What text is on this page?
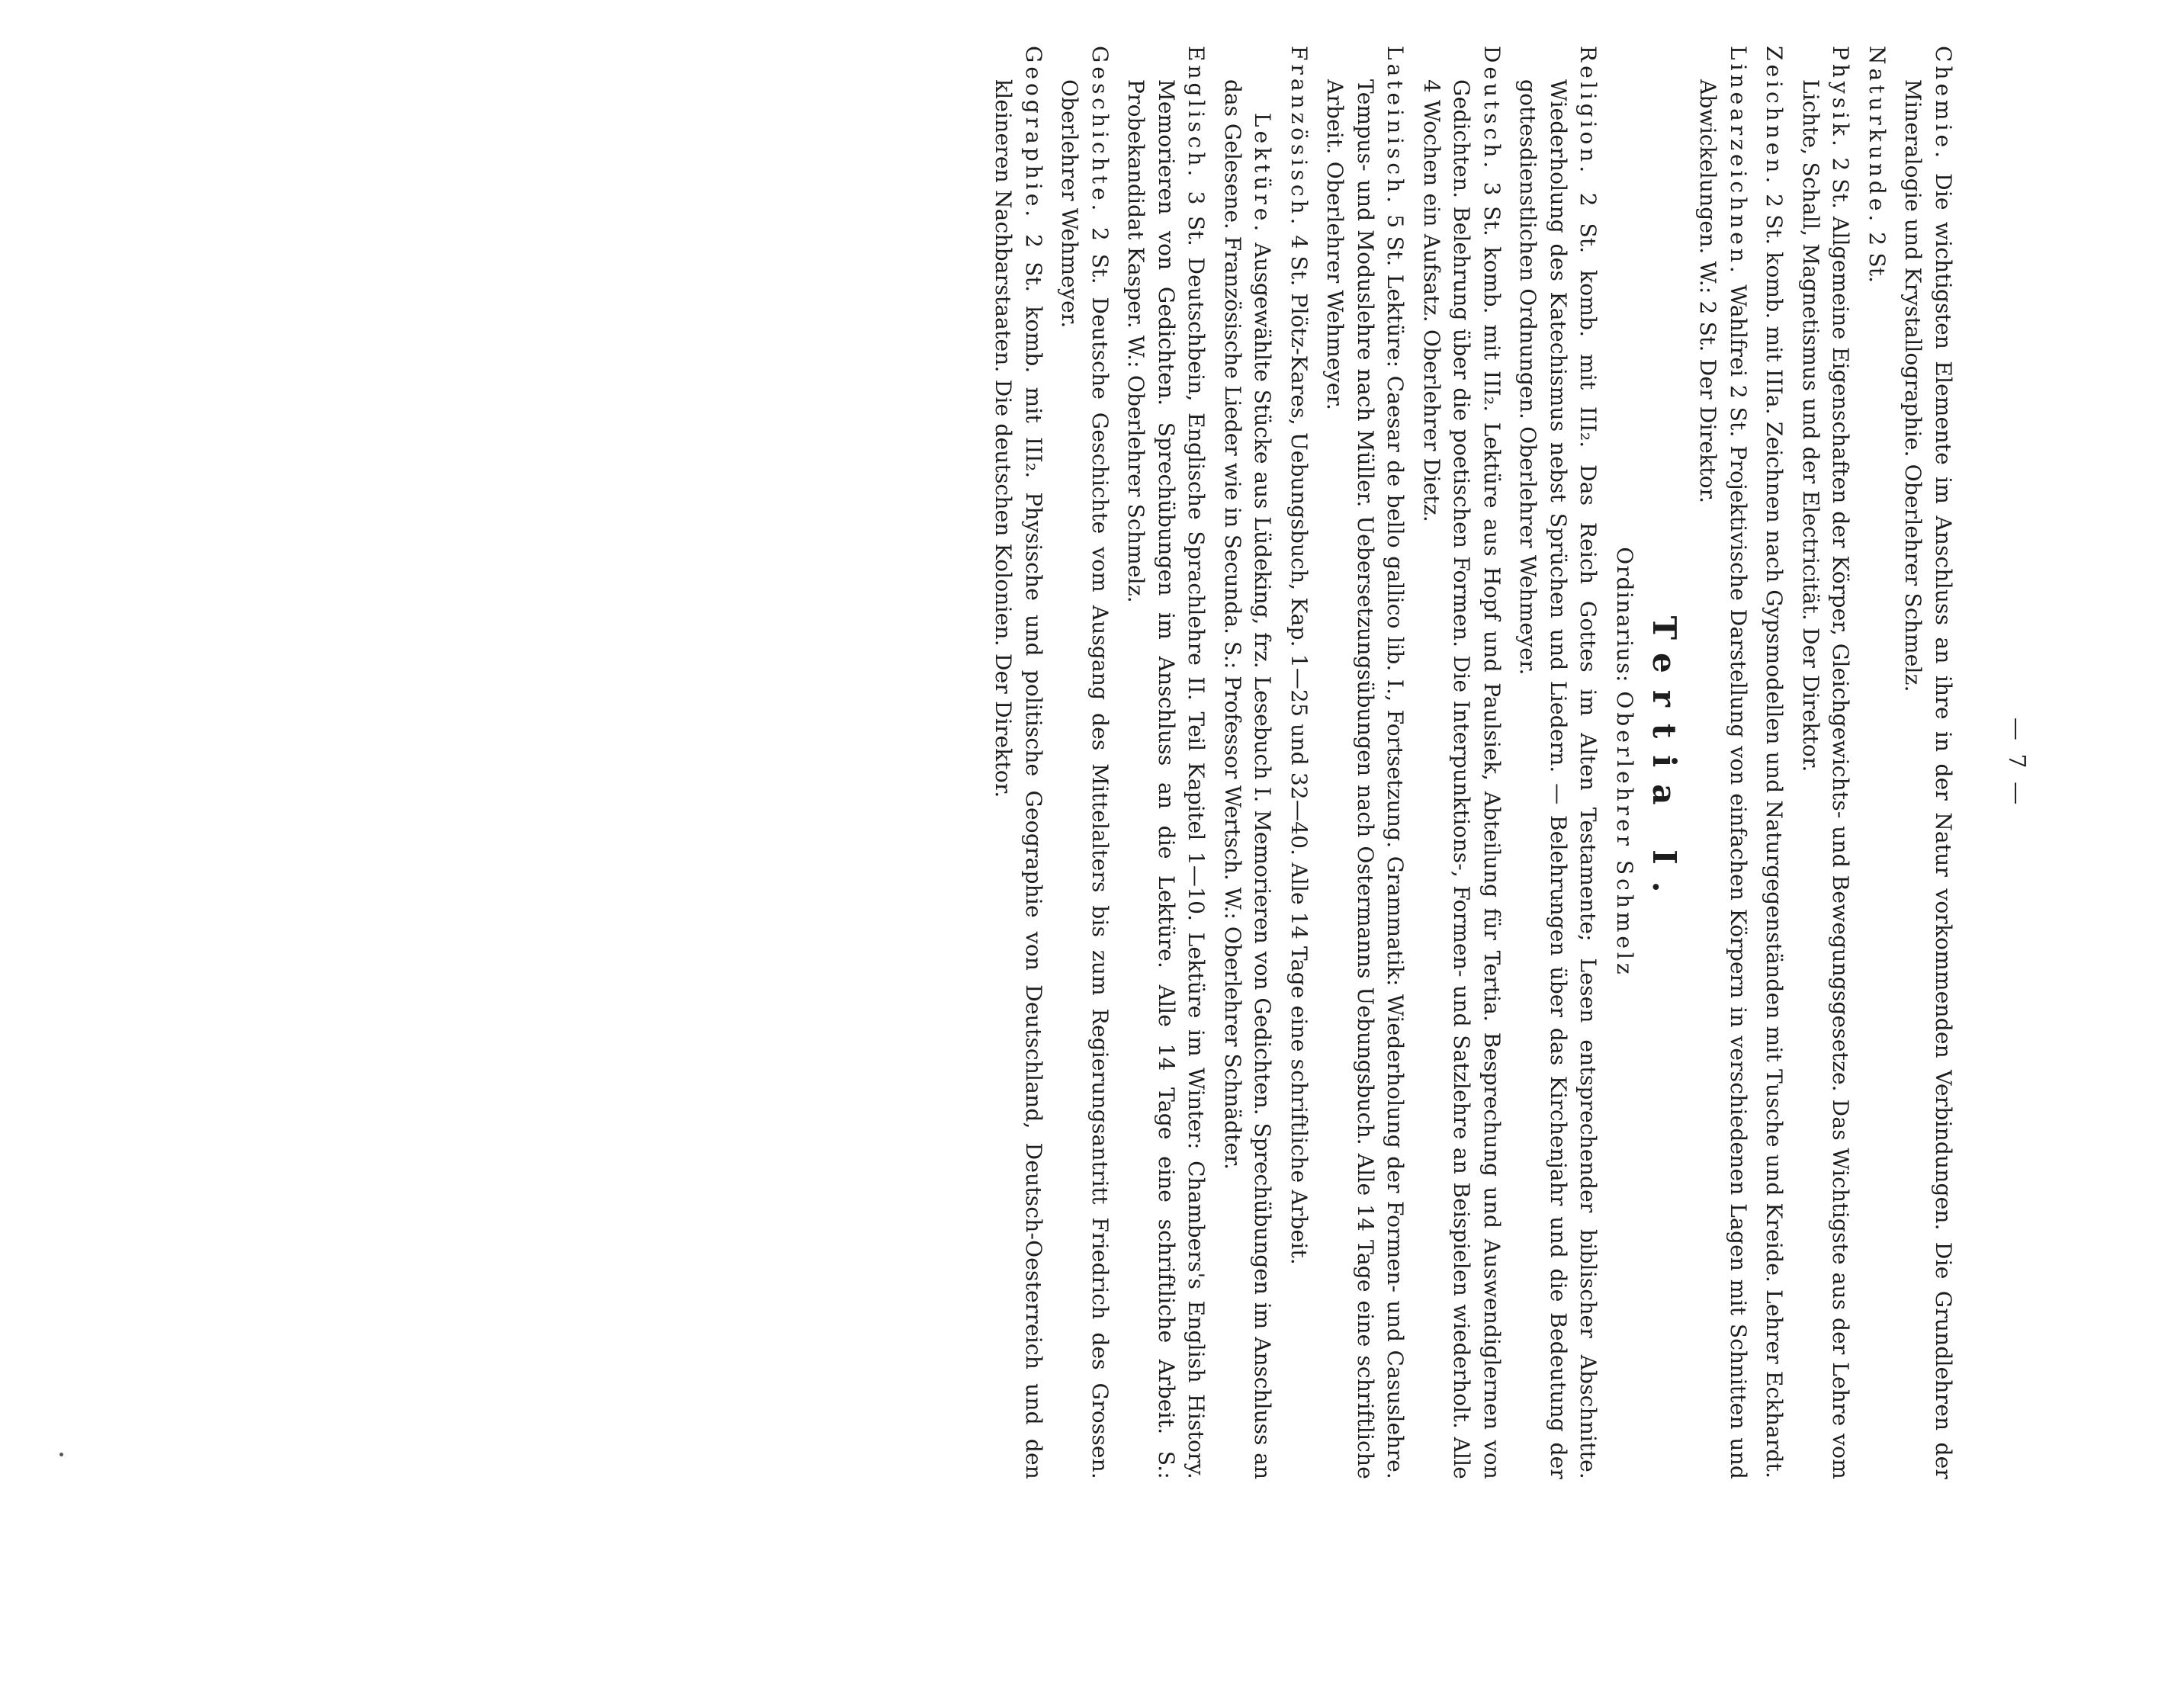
— 7 —

Chemie. Die wichtigsten Elemente im Anschluss an ihre in der Natur vorkommenden Verbindungen. Die Grundlehren der Mineralogie und Krystallographie. Oberlehrer Schmelz.

Naturkunde. 2 St.

Physik. 2 St. Allgemeine Eigenschaften der Körper, Gleichgewichts- und Bewegungsgesetze. Das Wichtigste aus der Lehre vom Lichte, Schall, Magnetismus und der Electricität. Der Direktor.

Zeichnen. 2 St. komb. mit IIIa. Zeichnen nach Gypsmodellen und Naturgegenständen mit Tusche und Kreide. Lehrer Eckhardt.

Linearzeichnen. Wahlfrei 2 St. Projektivische Darstellung von einfachen Körpern in verschiedenen Lagen mit Schnitten und Abwickelungen. W.: 2 St. Der Direktor.

Tertia I.
Ordinarius: Oberlehrer Schmelz

Religion. 2 St. komb. mit III₂. Das Reich Gottes im Alten Testamente; Lesen entsprechender biblischer Abschnitte. Wiederholung des Katechismus nebst Sprüchen und Liedern. — Belehrungen über das Kirchenjahr und die Bedeutung der gottesdienstlichen Ordnungen. Oberlehrer Wehmeyer.

Deutsch. 3 St. komb. mit III₂. Lektüre aus Hopf und Paulsiek, Abteilung für Tertia. Besprechung und Auswendiglernen von Gedichten. Belehrung über die poetischen Formen. Die Interpunktions-, Formen- und Satzlehre an Beispielen wiederholt. Alle 4 Wochen ein Aufsatz. Oberlehrer Dietz.

Lateinisch. 5 St. Lektüre: Caesar de bello gallico lib. I., Fortsetzung. Grammatik: Wiederholung der Formen- und Casuslehre. Tempus- und Moduslehre nach Müller. Uebersetzungsübungen nach Ostermanns Uebungsbuch. Alle 14 Tage eine schriftliche Arbeit. Oberlehrer Wehmeyer.

Französisch. 4 St. Plötz-Kares, Uebungsbuch, Kap. 1—25 und 32—40. Alle 14 Tage eine schriftliche Arbeit.

Lektüre. Ausgewählte Stücke aus Lüdeking, frz. Lesebuch I. Memorieren von Gedichten. Sprechübungen im Anschluss an das Gelesene. Französische Lieder wie in Secunda. S.: Professor Wertsch. W.: Oberlehrer Schnädter.

Englisch. 3 St. Deutschbein, Englische Sprachlehre II. Teil Kapitel 1—10. Lektüre im Winter: Chambers's English History. Memorieren von Gedichten. Sprechübungen im Anschluss an die Lektüre. Alle 14 Tage eine schriftliche Arbeit. S.: Probekandidat Kasper. W.: Oberlehrer Schmelz.

Geschichte. 2 St. Deutsche Geschichte vom Ausgang des Mittelalters bis zum Regierungsantritt Friedrich des Grossen. Oberlehrer Wehmeyer.

Geographie. 2 St. komb. mit III₂. Physische und politische Geographie von Deutschland, Deutsch-Oesterreich und den kleineren Nachbarstaaten. Die deutschen Kolonien. Der Direktor.
